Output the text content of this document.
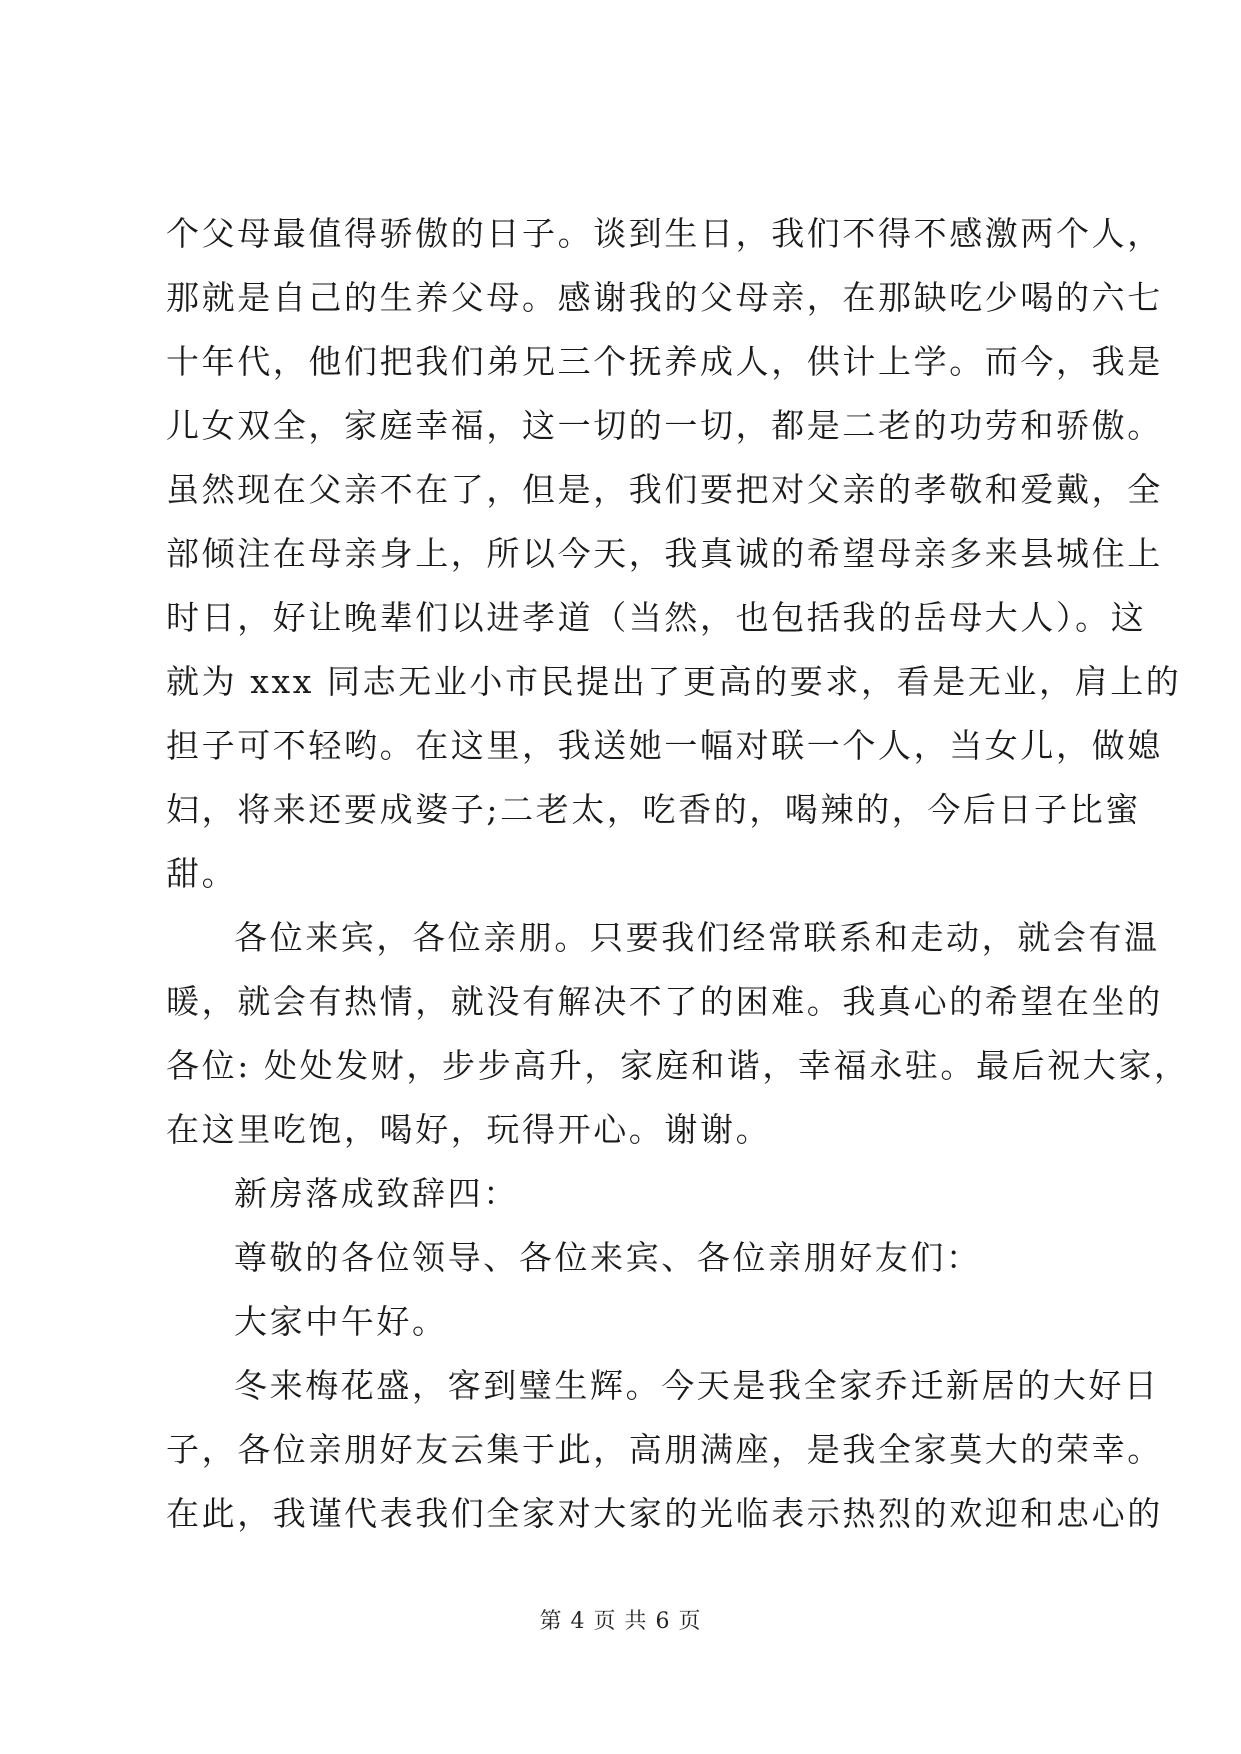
个父母最值得骄傲的日子。谈到生日，我们不得不感激两个人，
那就是自己的生养父母。感谢我的父母亲，在那缺吃少喝的六七
十年代，他们把我们弟兄三个抚养成人，供计上学。而今，我是
儿女双全，家庭幸福，这一切的一切，都是二老的功劳和骄傲。
虽然现在父亲不在了，但是，我们要把对父亲的孝敬和爱戴，全
部倾注在母亲身上，所以今天，我真诚的希望母亲多来县城住上
时日，好让晚辈们以进孝道（当然，也包括我的岳母大人）。这
就为 xxx 同志无业小市民提出了更高的要求，看是无业，肩上的
担子可不轻哟。在这里，我送她一幅对联一个人，当女儿，做媳
妇，将来还要成婆子;二老太，吃香的，喝辣的，今后日子比蜜
甜。
各位来宾，各位亲朋。只要我们经常联系和走动，就会有温
暖，就会有热情，就没有解决不了的困难。我真心的希望在坐的
各位: 处处发财，步步高升，家庭和谐，幸福永驻。最后祝大家，
在这里吃饱，喝好，玩得开心。谢谢。
新房落成致辞四：
尊敬的各位领导、各位来宾、各位亲朋好友们：
大家中午好。
冬来梅花盛，客到璧生辉。今天是我全家乔迁新居的大好日
子，各位亲朋好友云集于此，高朋满座，是我全家莫大的荣幸。
在此，我谨代表我们全家对大家的光临表示热烈的欢迎和忠心的
第 4 页 共 6 页
